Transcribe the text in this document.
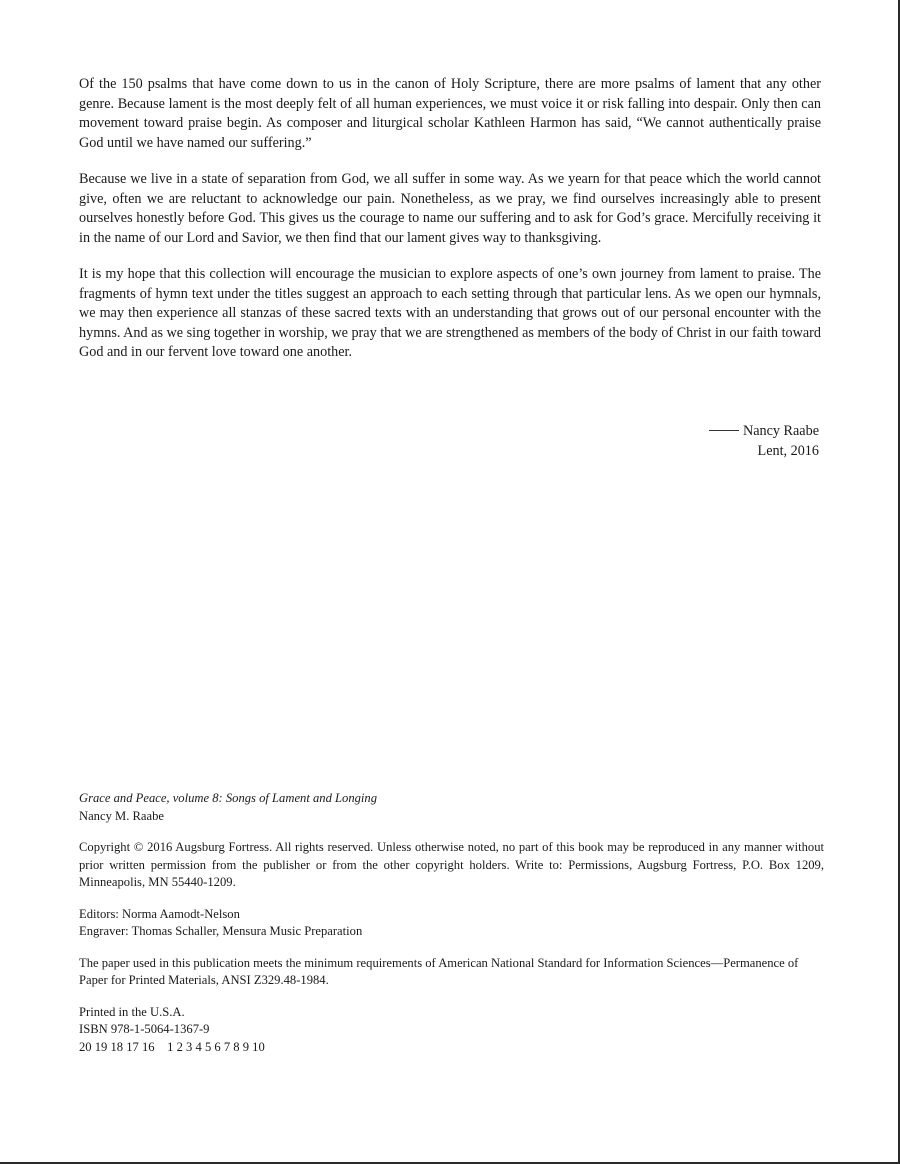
Of the 150 psalms that have come down to us in the canon of Holy Scripture, there are more psalms of lament that any other genre. Because lament is the most deeply felt of all human experiences, we must voice it or risk falling into despair. Only then can movement toward praise begin. As composer and liturgical scholar Kathleen Harmon has said, “We cannot authentically praise God until we have named our suffering.”

Because we live in a state of separation from God, we all suffer in some way. As we yearn for that peace which the world cannot give, often we are reluctant to acknowledge our pain. Nonetheless, as we pray, we find ourselves increasingly able to present ourselves honestly before God. This gives us the courage to name our suffering and to ask for God’s grace. Mercifully receiving it in the name of our Lord and Savior, we then find that our lament gives way to thanksgiving.

It is my hope that this collection will encourage the musician to explore aspects of one’s own journey from lament to praise. The fragments of hymn text under the titles suggest an approach to each setting through that particular lens. As we open our hymnals, we may then experience all stanzas of these sacred texts with an understanding that grows out of our personal encounter with the hymns. And as we sing together in worship, we pray that we are strengthened as members of the body of Christ in our faith toward God and in our fervent love toward one another.

Nancy Raabe
Lent, 2016
Grace and Peace, volume 8: Songs of Lament and Longing
Nancy M. Raabe
Copyright © 2016 Augsburg Fortress. All rights reserved. Unless otherwise noted, no part of this book may be reproduced in any manner without prior written permission from the publisher or from the other copyright holders. Write to: Permissions, Augsburg Fortress, P.O. Box 1209, Minneapolis, MN 55440-1209.
Editors: Norma Aamodt-Nelson
Engraver: Thomas Schaller, Mensura Music Preparation
The paper used in this publication meets the minimum requirements of American National Standard for Information Sciences—Permanence of Paper for Printed Materials, ANSI Z329.48-1984.
Printed in the U.S.A.
ISBN 978-1-5064-1367-9
20 19 18 17 16    1 2 3 4 5 6 7 8 9 10
